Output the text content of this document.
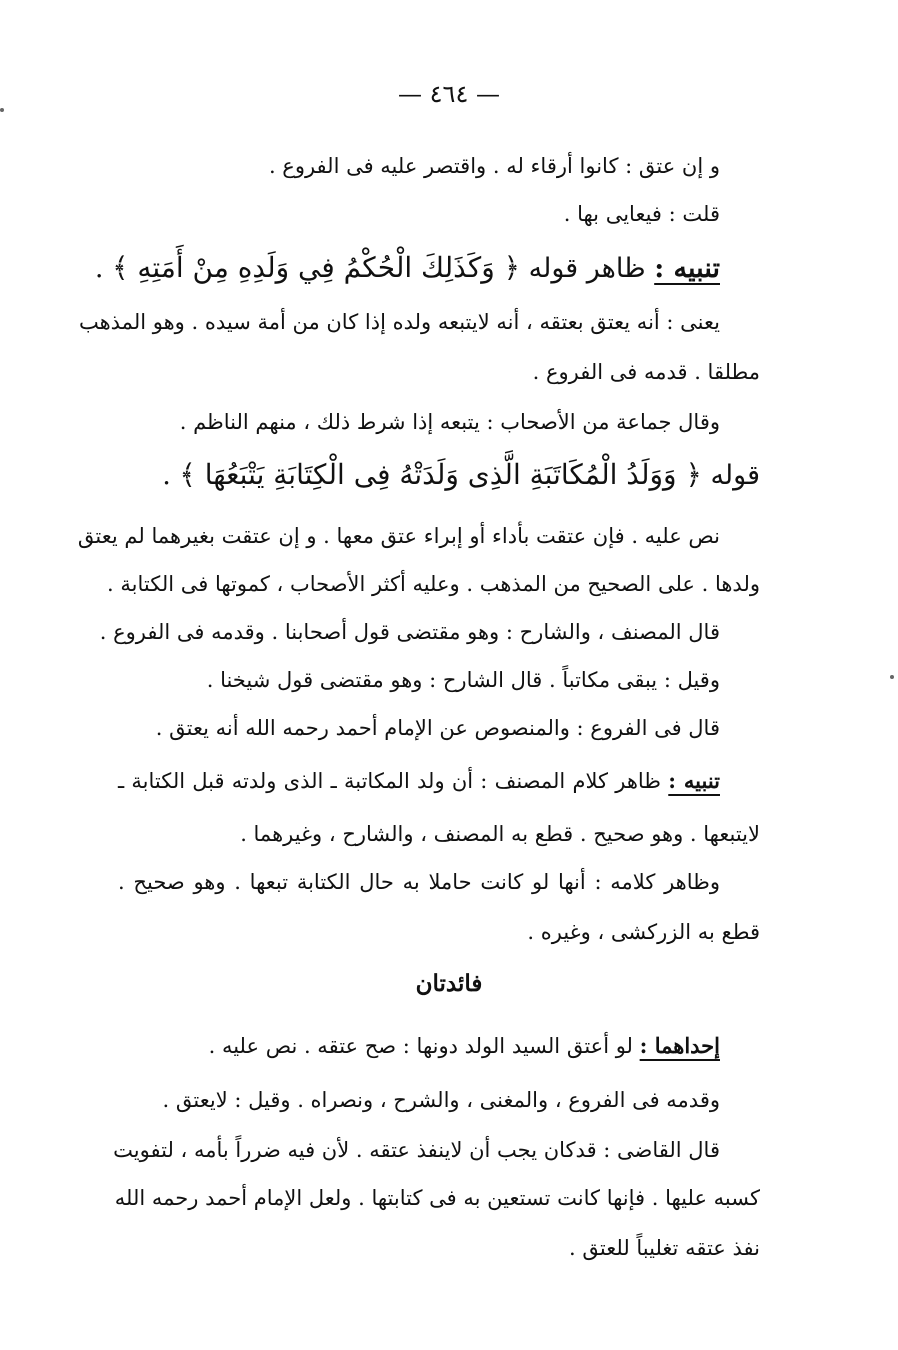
— ٤٦٤ —
و إن عتق : كانوا أرقاء له . واقتصر عليه فى الفروع .
قلت : فيعايى بها .
تنبيه : ظاهر قوله ﴿ وَكَذَلِكَ الْحُكْمُ فِي وَلَدِهِ مِنْ أَمَتِهِ ﴾ .
يعنى : أنه يعتق بعتقه ، أنه لايتبعه ولده إذا كان من أمة سيده . وهو المذهب
مطلقا . قدمه فى الفروع .
وقال جماعة من الأصحاب : يتبعه إذا شرط ذلك ، منهم الناظم .
قوله ﴿ وَوَلَدُ الْمُكَاتَبَةِ الَّذِى وَلَدَتْهُ فِى الْكِتَابَةِ يَتْبَعُهَا ﴾ .
نص عليه . فإن عتقت بأداء أو إبراء عتق معها . و إن عتقت بغيرهما لم يعتق
ولدها . على الصحيح من المذهب . وعليه أكثر الأصحاب ، كموتها فى الكتابة .
قال المصنف ، والشارح : وهو مقتضى قول أصحابنا . وقدمه فى الفروع .
وقيل : يبقى مكاتباً . قال الشارح : وهو مقتضى قول شيخنا .
قال فى الفروع : والمنصوص عن الإمام أحمد رحمه الله أنه يعتق .
تنبيه : ظاهر كلام المصنف : أن ولد المكاتبة ـ الذى ولدته قبل الكتابة ـ
لايتبعها . وهو صحيح . قطع به المصنف ، والشارح ، وغيرهما .
وظاهر كلامه : أنها لو كانت حاملا به حال الكتابة تبعها . وهو صحيح .
قطع به الزركشى ، وغيره .
فائدتان
إحداهما : لو أعتق السيد الولد دونها : صح عتقه . نص عليه .
وقدمه فى الفروع ، والمغنى ، والشرح ، ونصراه . وقيل : لايعتق .
قال القاضى : قدكان يجب أن لاينفذ عتقه . لأن فيه ضرراً بأمه ، لتفويت
كسبه عليها . فإنها كانت تستعين به فى كتابتها . ولعل الإمام أحمد رحمه الله
نفذ عتقه تغليباً للعتق .
